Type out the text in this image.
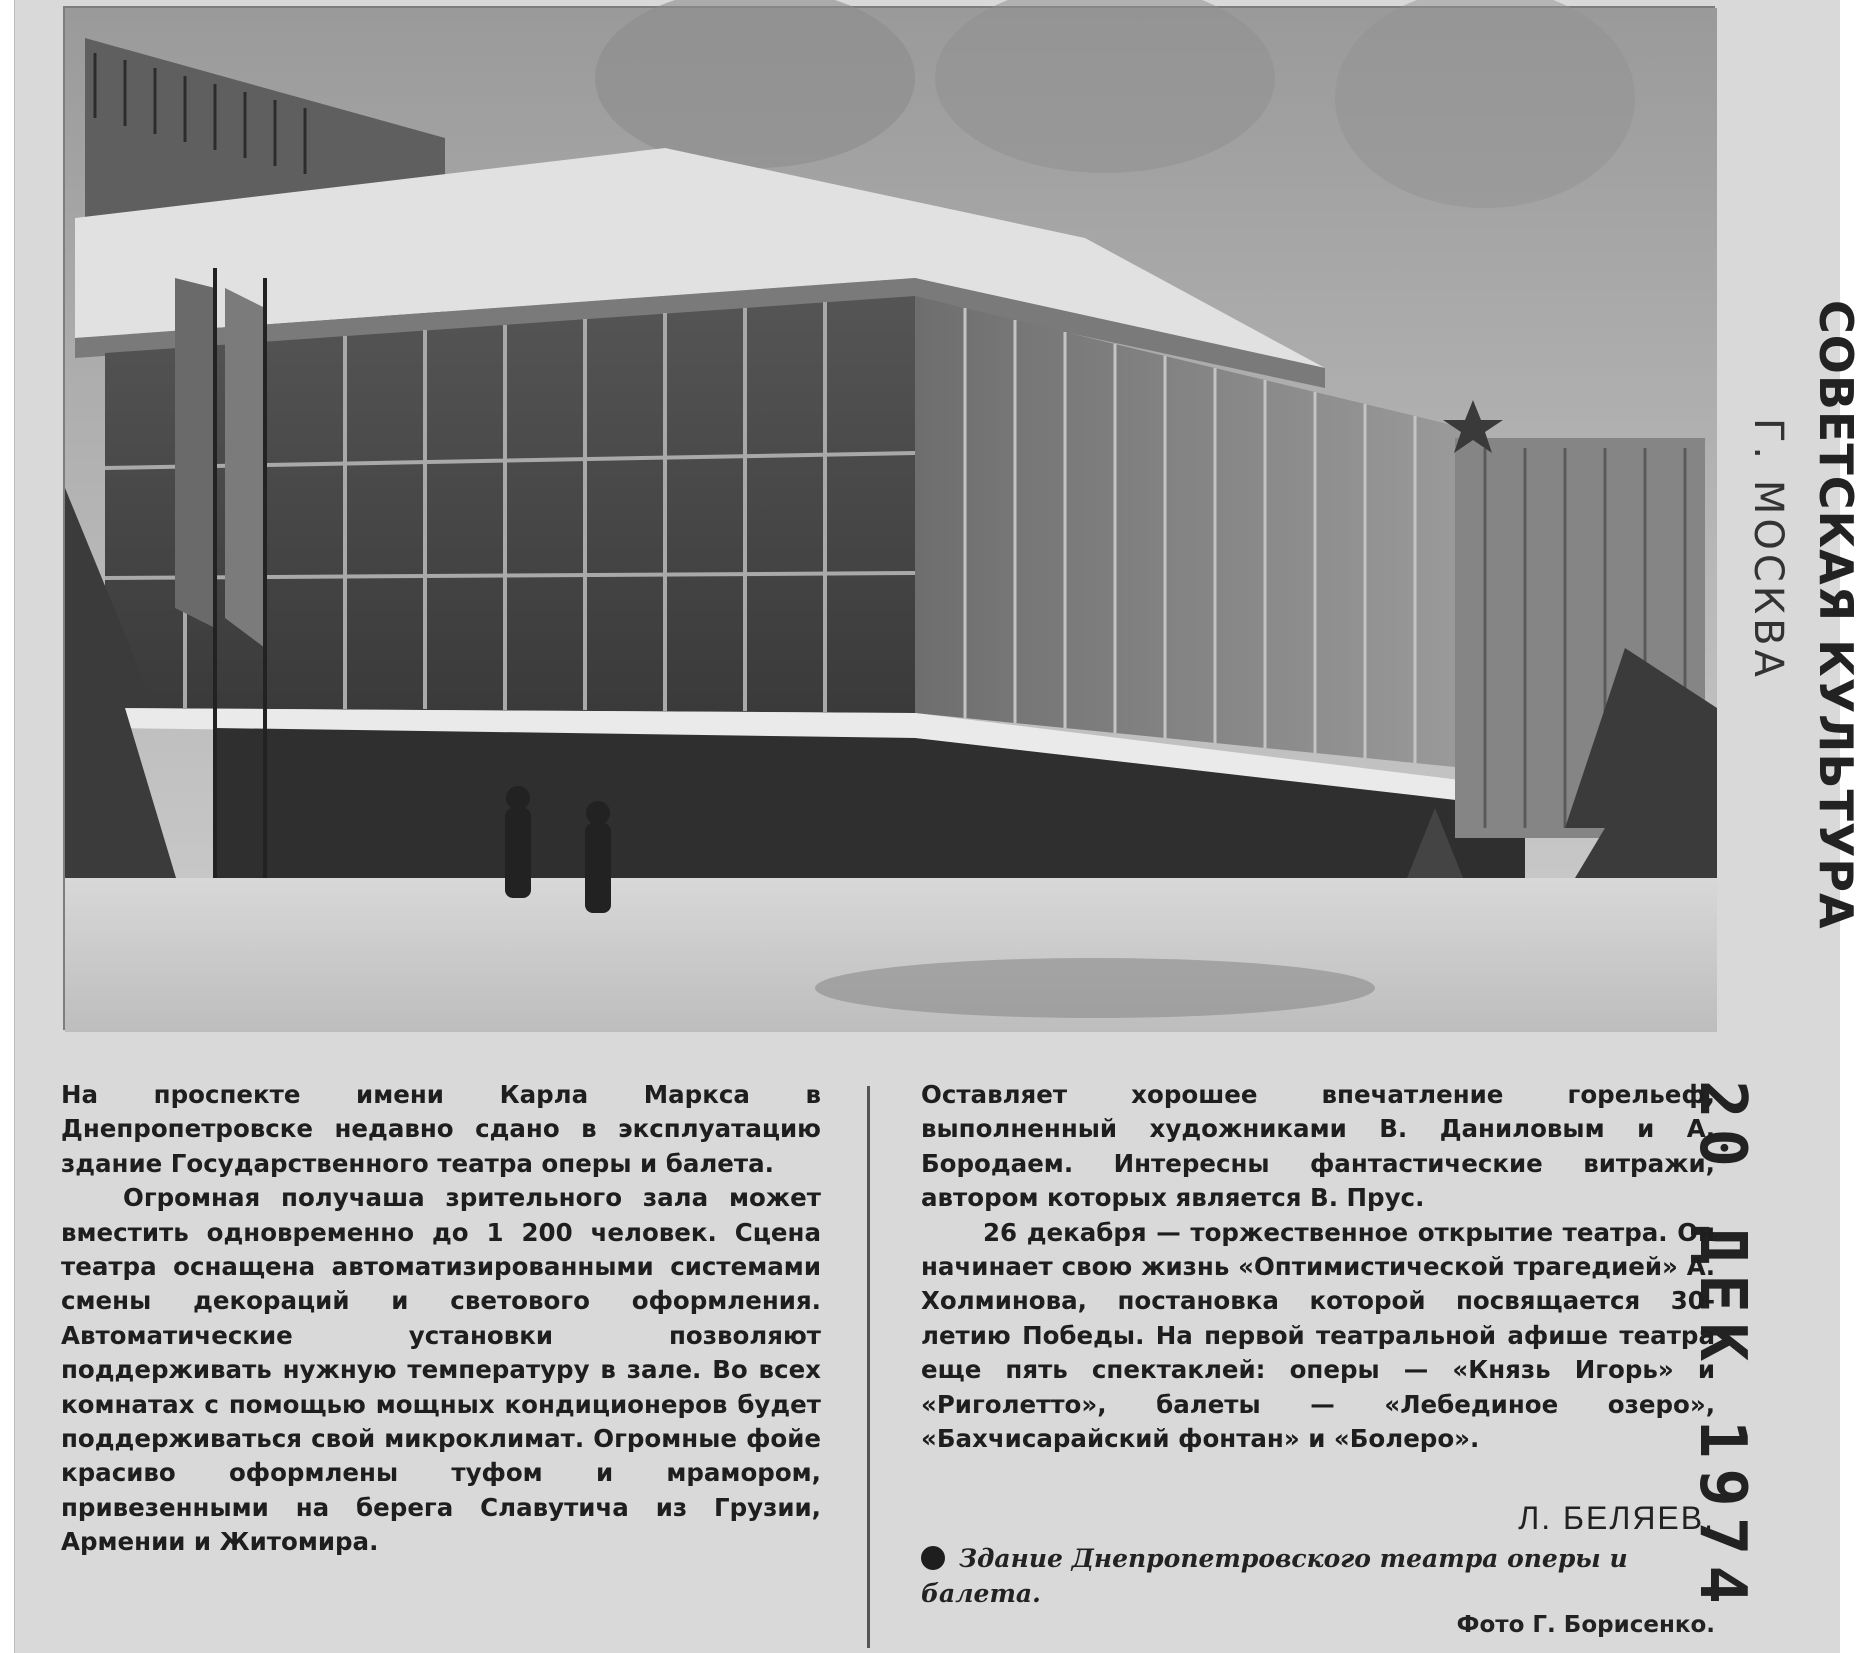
СОВЕТСКАЯ КУЛЬТУРА
Г. МОСКВА
20 ДЕК 1974

На проспекте имени Карла Маркса в Днепропетровске недавно сдано в эксплуатацию здание Государственного театра оперы и балета.

Огромная получаша зрительного зала может вместить одновременно до 1 200 человек. Сцена театра оснащена автоматизированными системами смены декораций и светового оформления. Автоматические установки позволяют поддерживать нужную температуру в зале. Во всех комнатах с помощью мощных кондиционеров будет поддерживаться свой микроклимат. Огромные фойе красиво оформлены туфом и мрамором, привезенными на берега Славутича из Грузии, Армении и Житомира.

Оставляет хорошее впечатление горельеф, выполненный художниками В. Даниловым и А. Бородаем. Интересны фантастические витражи, автором которых является В. Прус.

26 декабря — торжественное открытие театра. Он начинает свою жизнь «Оптимистической трагедией» А. Холминова, постановка которой посвящается 30-летию Победы. На первой театральной афише театра еще пять спектаклей: оперы — «Князь Игорь» и «Риголетто», балеты — «Лебединое озеро», «Бахчисарайский фонтан» и «Болеро».

Л. БЕЛЯЕВ.
Здание Днепропетровского театра оперы и балета.
Фото Г. Борисенко.
